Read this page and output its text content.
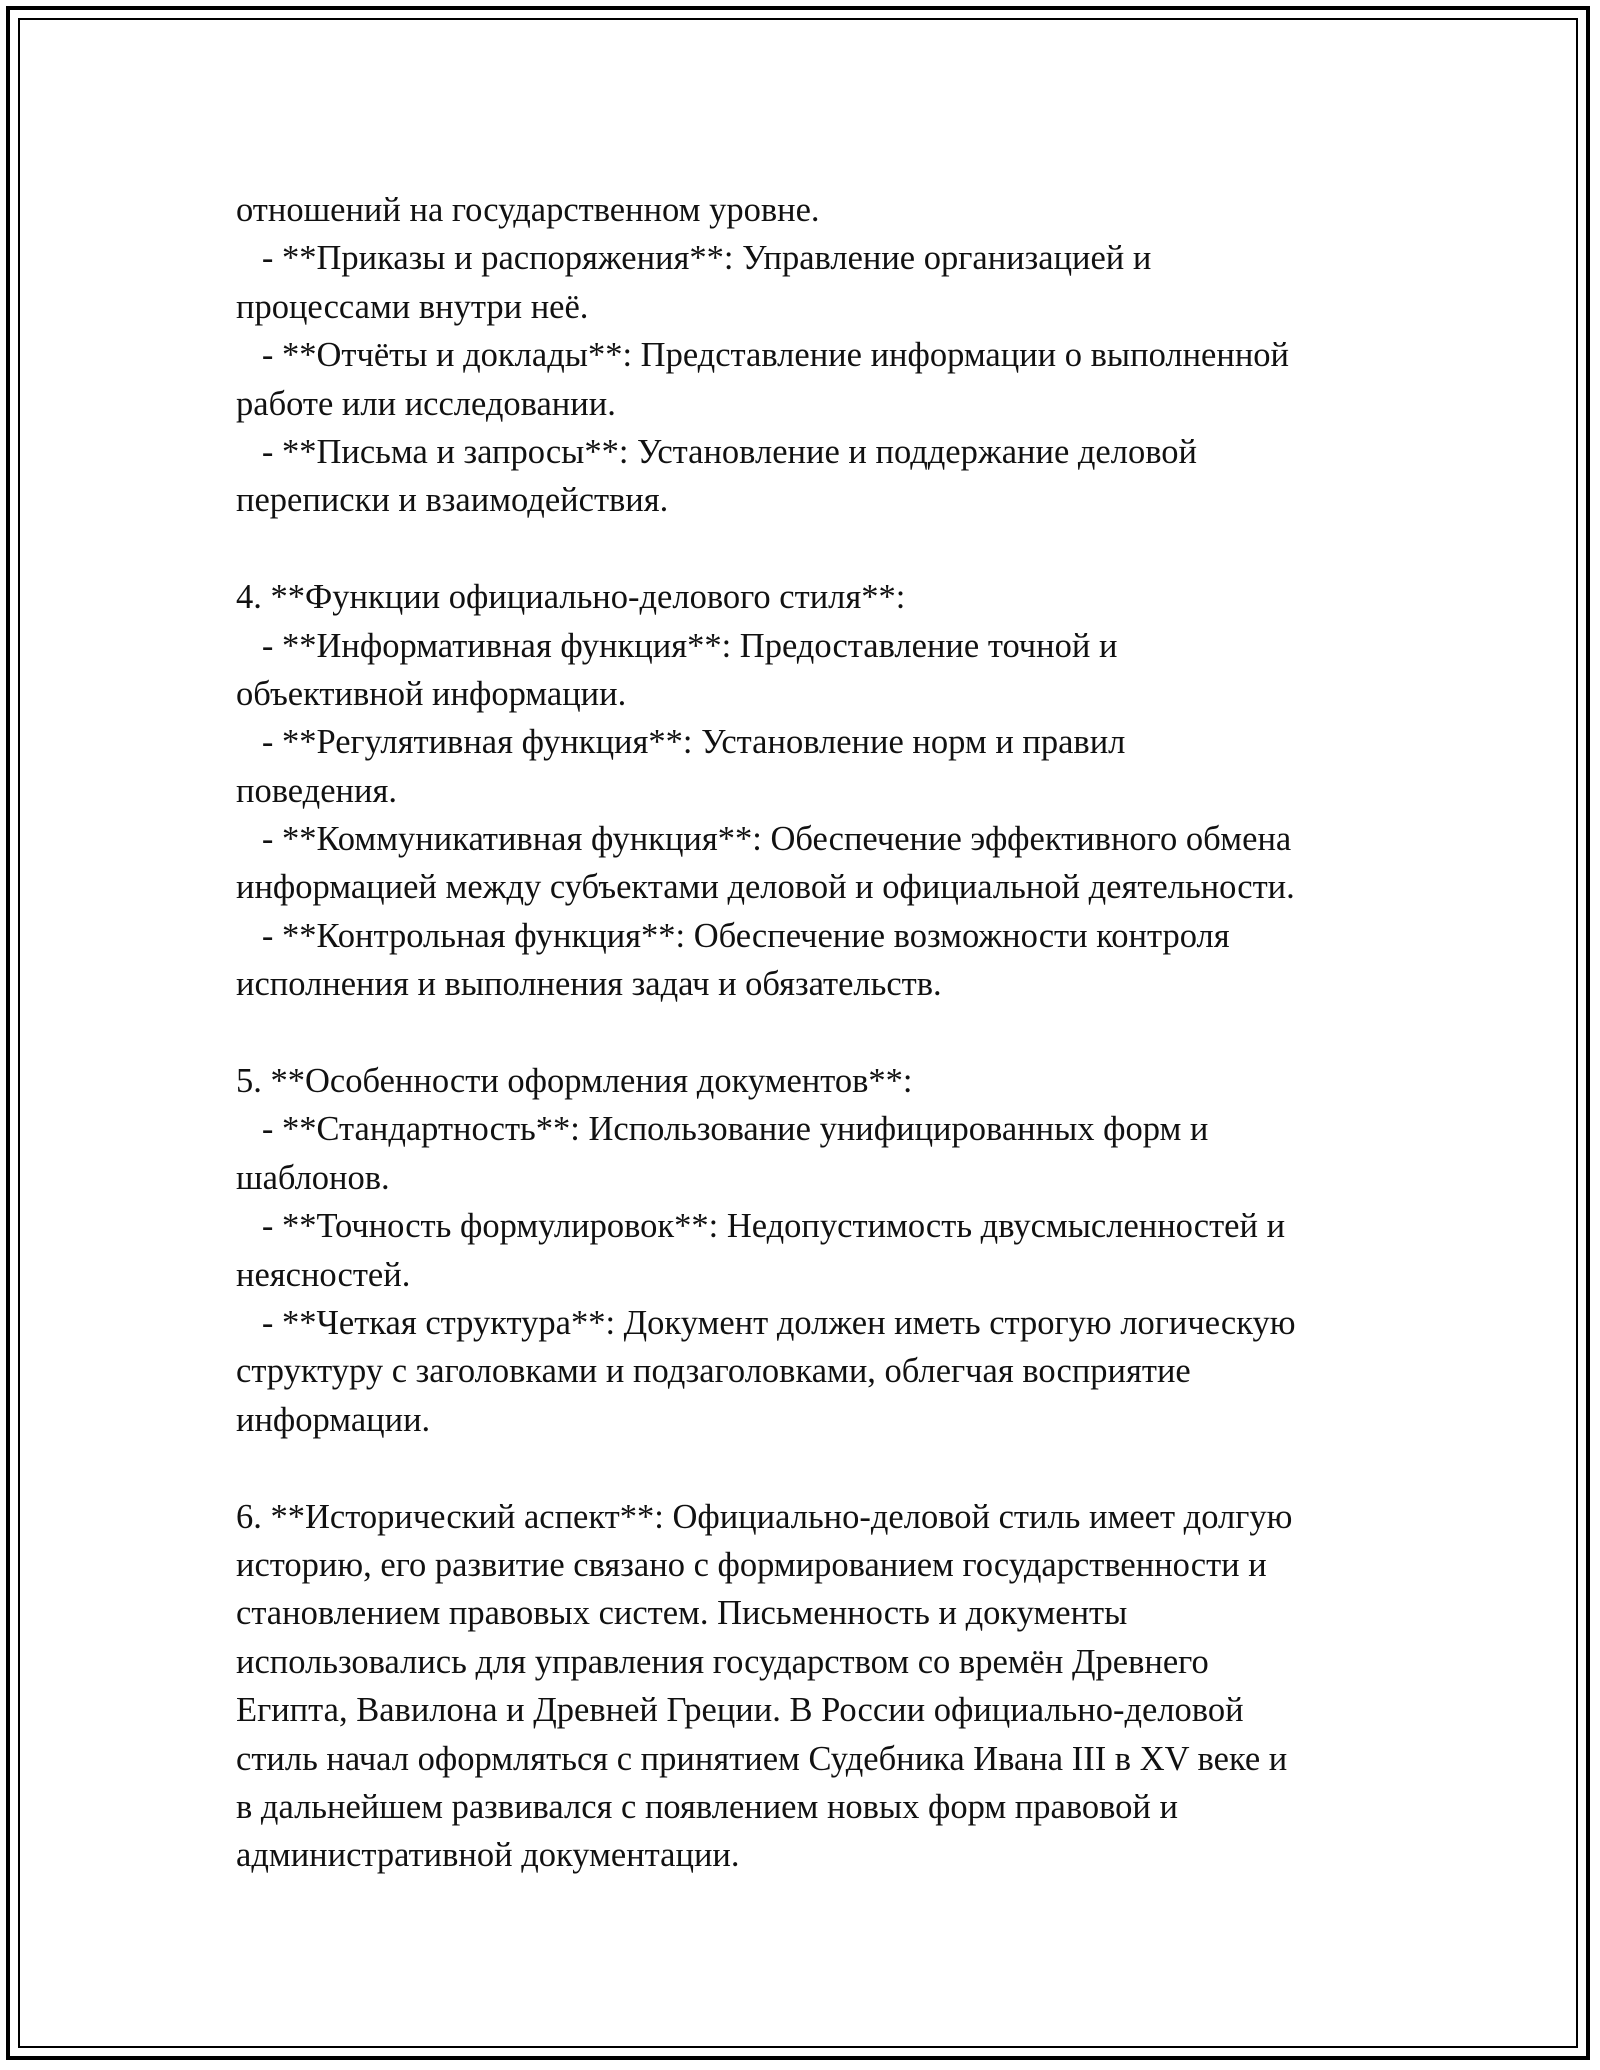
отношений на государственном уровне.
- **Приказы и распоряжения**: Управление организацией и
процессами внутри неё.
- **Отчёты и доклады**: Представление информации о выполненной
работе или исследовании.
- **Письма и запросы**: Установление и поддержание деловой
переписки и взаимодействия.
4. **Функции официально-делового стиля**:
- **Информативная функция**: Предоставление точной и
объективной информации.
- **Регулятивная функция**: Установление норм и правил
поведения.
- **Коммуникативная функция**: Обеспечение эффективного обмена
информацией между субъектами деловой и официальной деятельности.
- **Контрольная функция**: Обеспечение возможности контроля
исполнения и выполнения задач и обязательств.
5. **Особенности оформления документов**:
- **Стандартность**: Использование унифицированных форм и
шаблонов.
- **Точность формулировок**: Недопустимость двусмысленностей и
неясностей.
- **Четкая структура**: Документ должен иметь строгую логическую
структуру с заголовками и подзаголовками, облегчая восприятие
информации.
6. **Исторический аспект**: Официально-деловой стиль имеет долгую
историю, его развитие связано с формированием государственности и
становлением правовых систем. Письменность и документы
использовались для управления государством со времён Древнего
Египта, Вавилона и Древней Греции. В России официально-деловой
стиль начал оформляться с принятием Судебника Ивана III в XV веке и
в дальнейшем развивался с появлением новых форм правовой и
административной документации.
